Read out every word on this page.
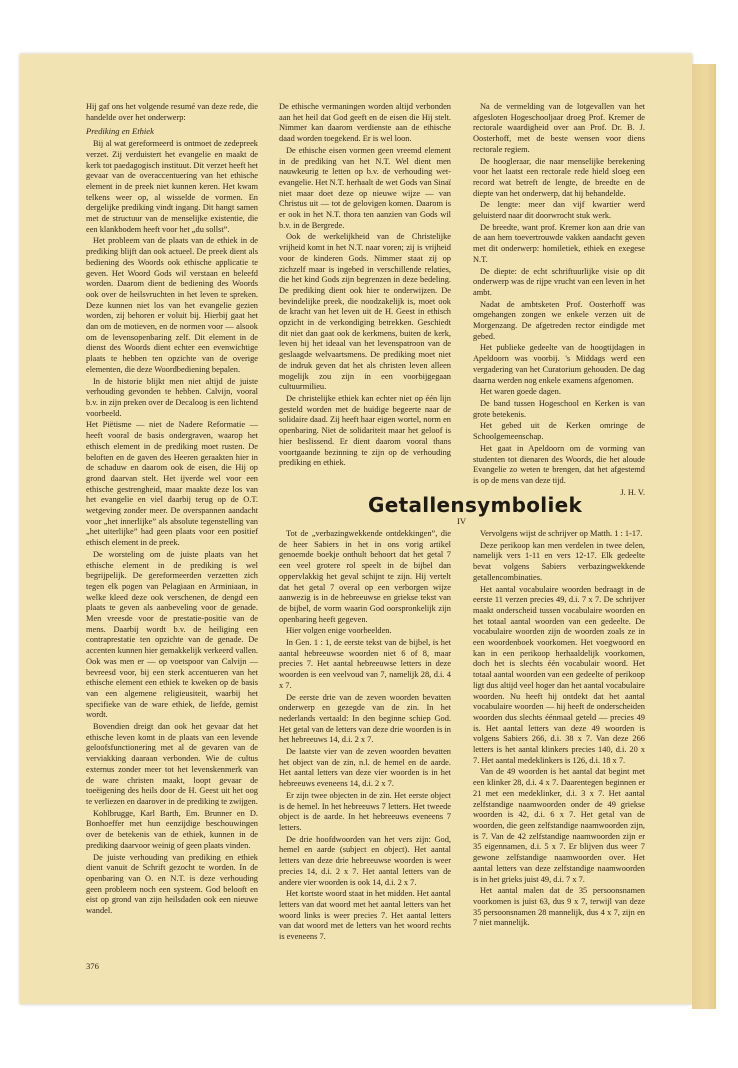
Hij gaf ons het volgende resumé van deze rede, die handelde over het onderwerp:

Prediking en Ethiek

Bij al wat gereformeerd is ontmoet de zedepreek verzet. Zij verduistert het evangelie en maakt de kerk tot paedagogisch instituut. Dit verzet heeft het gevaar van de overaccentuering van het ethische element in de preek niet kunnen keren. Het kwam telkens weer op, al wisselde de vormen. En dergelijke prediking vindt ingang. Dit hangt samen met de structuur van de menselijke existentie, die een klankbodem heeft voor het „du sollst”.

Het probleem van de plaats van de ethiek in de prediking blijft dan ook actueel. De preek dient als bediening des Woords ook ethische applicatie te geven. Het Woord Gods wil verstaan en beleefd worden. Daarom dient de bediening des Woords ook over de heilsvruchten in het leven te spreken. Deze kunnen niet los van het evangelie gezien worden, zij behoren er voluit bij. Hierbij gaat het dan om de motieven, en de normen voor — alsook om de levensopenbaring zelf. Dit element in de dienst des Woords dient echter een evenwichtige plaats te hebben ten opzichte van de overige elementen, die deze Woordbediening bepalen.

In de historie blijkt men niet altijd de juiste verhouding gevonden te hebben. Calvijn, vooral b.v. in zijn preken over de Decaloog is een lichtend voorbeeld.

Het Piëtisme — niet de Nadere Reformatie — heeft vooral de basis ondergraven, waarop het ethisch element in de prediking moet rusten. De beloften en de gaven des Heeren geraakten hier in de schaduw en daarom ook de eisen, die Hij op grond daarvan stelt. Het ijverde wel voor een ethische gestrengheid, maar maakte deze los van het evangelie en viel daarbij terug op de O.T. wetgeving zonder meer. De overspannen aandacht voor „het innerlijke” als absolute tegenstelling van „het uiterlijke” had geen plaats voor een positief ethisch element in de preek.

De worsteling om de juiste plaats van het ethische element in de prediking is wel begrijpelijk. De gereformeerden verzetten zich tegen elk pogen van Pelagiaan en Arminiaan, in welke kleed deze ook verschenen, de dengd een plaats te geven als aanbeveling voor de genade. Men vreesde voor de prestatie-positie van de mens. Daarbij wordt b.v. de heiliging een contraprestatie ten opzichte van de genade. De accenten kunnen hier gemakkelijk verkeerd vallen. Ook was men er — op voetspoor van Calvijn — bevreesd voor, bij een sterk accentueren van het ethische element een ethiek te kweken op de basis van een algemene religieusiteit, waarbij het specifieke van de ware ethiek, de liefde, gemist wordt.

Bovendien dreigt dan ook het gevaar dat het ethische leven komt in de plaats van een levende geloofsfunctionering met al de gevaren van de verviakking daaraan verbonden. Wie de cultus externus zonder meer tot het levenskenmerk van de ware christen maakt, loopt gevaar de toeëigening des heils door de H. Geest uit het oog te verliezen en daarover in de prediking te zwijgen.

Kohlbrugge, Karl Barth, Em. Brunner en D. Bonhoeffer met hun eenzijdige beschouwingen over de betekenis van de ethiek, kunnen in de prediking daarvoor weinig of geen plaats vinden.

De juiste verhouding van prediking en ethiek dient vanuit de Schrift gezocht te worden. In de openbaring van O. en N.T. is deze verhouding geen probleem noch een systeem. God belooft en eist op grond van zijn heilsdaden ook een nieuwe wandel.

De ethische vermaningen worden altijd verbonden aan het heil dat God geeft en de eisen die Hij stelt. Nimmer kan daarom verdienste aan de ethische daad worden toegekend. Er is wel loon.

De ethische eisen vormen geen vreemd element in de prediking van het N.T. Wel dient men nauwkeurig te letten op b.v. de verhouding wet-evangelie. Het N.T. herhaalt de wet Gods van Sinaï niet maar doet deze op nieuwe wijze — van Christus uit — tot de gelovigen komen. Daarom is er ook in het N.T. thora ten aanzien van Gods wil b.v. in de Bergrede.

Ook de werkelijkheid van de Christelijke vrijheid komt in het N.T. naar voren; zij is vrijheid voor de kinderen Gods. Nimmer staat zij op zichzelf maar is ingebed in verschillende relaties, die het kind Gods zijn begrenzen in deze bedeling. De prediking dient ook hier te onderwijzen. De bevindelijke preek, die noodzakelijk is, moet ook de kracht van het leven uit de H. Geest in ethisch opzicht in de verkondiging betrekken. Geschiedt dit niet dan gaat ook de kerkmens, buiten de kerk, leven bij het ideaal van het levenspatroon van de geslaagde welvaartsmens. De prediking moet niet de indruk geven dat het als christen leven alleen mogelijk zou zijn in een voorbijgegaan cultuurmilieu.

De christelijke ethiek kan echter niet op één lijn gesteld worden met de huidige begeerte naar de solidaire daad. Zij heeft haar eigen wortel, norm en openbaring. Niet de solidariteit maar het geloof is hier beslissend. Er dient daarom vooral thans voortgaande bezinning te zijn op de verhouding prediking en ethiek.

Na de vermelding van de lotgevallen van het afgesloten Hogeschooljaar droeg Prof. Kremer de rectorale waardigheid over aan Prof. Dr. B. J. Oosterhoff, met de beste wensen voor diens rectorale regiem.

De hoogleraar, die naar menselijke berekening voor het laatst een rectorale rede hield sloeg een record wat betreft de lengte, de breedte en de diepte van het onderwerp, dat hij behandelde.

De lengte: meer dan vijf kwartier werd geluisterd naar dit doorwrocht stuk werk.

De breedte, want prof. Kremer kon aan drie van de aan hem toevertrouwde vakken aandacht geven met dit onderwerp: homiletiek, ethiek en exegese N.T.

De diepte: de echt schriftuurlijke visie op dit onderwerp was de rijpe vrucht van een leven in het ambt.

Nadat de ambtsketen Prof. Oosterhoff was omgehangen zongen we enkele verzen uit de Morgenzang. De afgetreden rector eindigde met gebed.

Het publieke gedeelte van de hoogtijdagen in Apeldoorn was voorbij. 's Middags werd een vergadering van het Curatorium gehouden. De dag daarna werden nog enkele examens afgenomen.

Het waren goede dagen.

De band tussen Hogeschool en Kerken is van grote betekenis.

Het gebed uit de Kerken omringe de Schoolgemeenschap.

Het gaat in Apeldoorn om de vorming van studenten tot dienaren des Woords, die het aloude Evangelie zo weten te brengen, dat het afgestemd is op de mens van deze tijd.

J. H. V.
Getallensymboliek
IV

Tot de „verbazingwekkende ontdekkingen”, die de heer Sabiers in het in ons vorig artikel genoemde boekje onthult behoort dat het getal 7 een veel grotere rol speelt in de bijbel dan oppervlakkig het geval schijnt te zijn. Hij vertelt dat het getal 7 overal op een verborgen wijze aanwezig is in de hebreeuwse en griekse tekst van de bijbel, de vorm waarin God oorspronkelijk zijn openbaring heeft gegeven.

Hier volgen enige voorbeelden.

In Gen. 1 : 1, de eerste tekst van de bijbel, is het aantal hebreeuwse woorden niet 6 of 8, maar precies 7. Het aantal hebreeuwse letters in deze woorden is een veelvoud van 7, namelijk 28, d.i. 4 x 7.

De eerste drie van de zeven woorden bevatten onderwerp en gezegde van de zin. In het nederlands vertaald: In den beginne schiep God. Het getal van de letters van deze drie woorden is in het hebreeuws 14, d.i. 2 x 7.

De laatste vier van de zeven woorden bevatten het object van de zin, n.l. de hemel en de aarde. Het aantal letters van deze vier woorden is in het hebreeuws eveneens 14, d.i. 2 x 7.

Er zijn twee objecten in de zin. Het eerste object is de hemel. In het hebreeuws 7 letters. Het tweede object is de aarde. In het hebreeuws eveneens 7 letters.

De drie hoofdwoorden van het vers zijn: God, hemel en aarde (subject en object). Het aantal letters van deze drie hebreeuwse woorden is weer precies 14, d.i. 2 x 7. Het aantal letters van de andere vier woorden is ook 14, d.i. 2 x 7.

Het kortste woord staat in het midden. Het aantal letters van dat woord met het aantal letters van het woord links is weer precies 7. Het aantal letters van dat woord met de letters van het woord rechts is eveneens 7.

Vervolgens wijst de schrijver op Matth. 1 : 1-17.

Deze perikoop kan men verdelen in twee delen, namelijk vers 1-11 en vers 12-17. Elk gedeelte bevat volgens Sabiers verbazingwekkende getallencombinaties.

Het aantal vocabulaire woorden bedraagt in de eerste 11 verzen precies 49, d.i. 7 x 7. De schrijver maakt onderscheid tussen vocabulaire woorden en het totaal aantal woorden van een gedeelte. De vocabulaire woorden zijn de woorden zoals ze in een woordenboek voorkomen. Het voegwoord en kan in een perikoop herhaaldelijk voorkomen, doch het is slechts één vocabulair woord. Het totaal aantal woorden van een gedeelte of perikoop ligt dus altijd veel hoger dan het aantal vocabulaire woorden. Nu heeft hij ontdekt dat het aantal vocabulaire woorden — hij heeft de onderscheiden woorden dus slechts éénmaal geteld — precies 49 is. Het aantal letters van deze 49 woorden is volgens Sabiers 266, d.i. 38 x 7. Van deze 266 letters is het aantal klinkers precies 140, d.i. 20 x 7. Het aantal medeklinkers is 126, d.i. 18 x 7.

Van de 49 woorden is het aantal dat begint met een klinker 28, d.i. 4 x 7. Daarentegen beginnen er 21 met een medeklinker, d.i. 3 x 7. Het aantal zelfstandige naamwoorden onder de 49 griekse woorden is 42, d.i. 6 x 7. Het getal van de woorden, die geen zelfstandige naamwoorden zijn, is 7. Van de 42 zelfstandige naamwoorden zijn er 35 eigennamen, d.i. 5 x 7. Er blijven dus weer 7 gewone zelfstandige naamwoorden over. Het aantal letters van deze zelfstandige naamwoorden is in het grieks juist 49, d.i. 7 x 7.

Het aantal malen dat de 35 persoonsnamen voorkomen is juist 63, dus 9 x 7, terwijl van deze 35 persoonsnamen 28 mannelijk, dus 4 x 7, zijn en 7 niet mannelijk.

376
